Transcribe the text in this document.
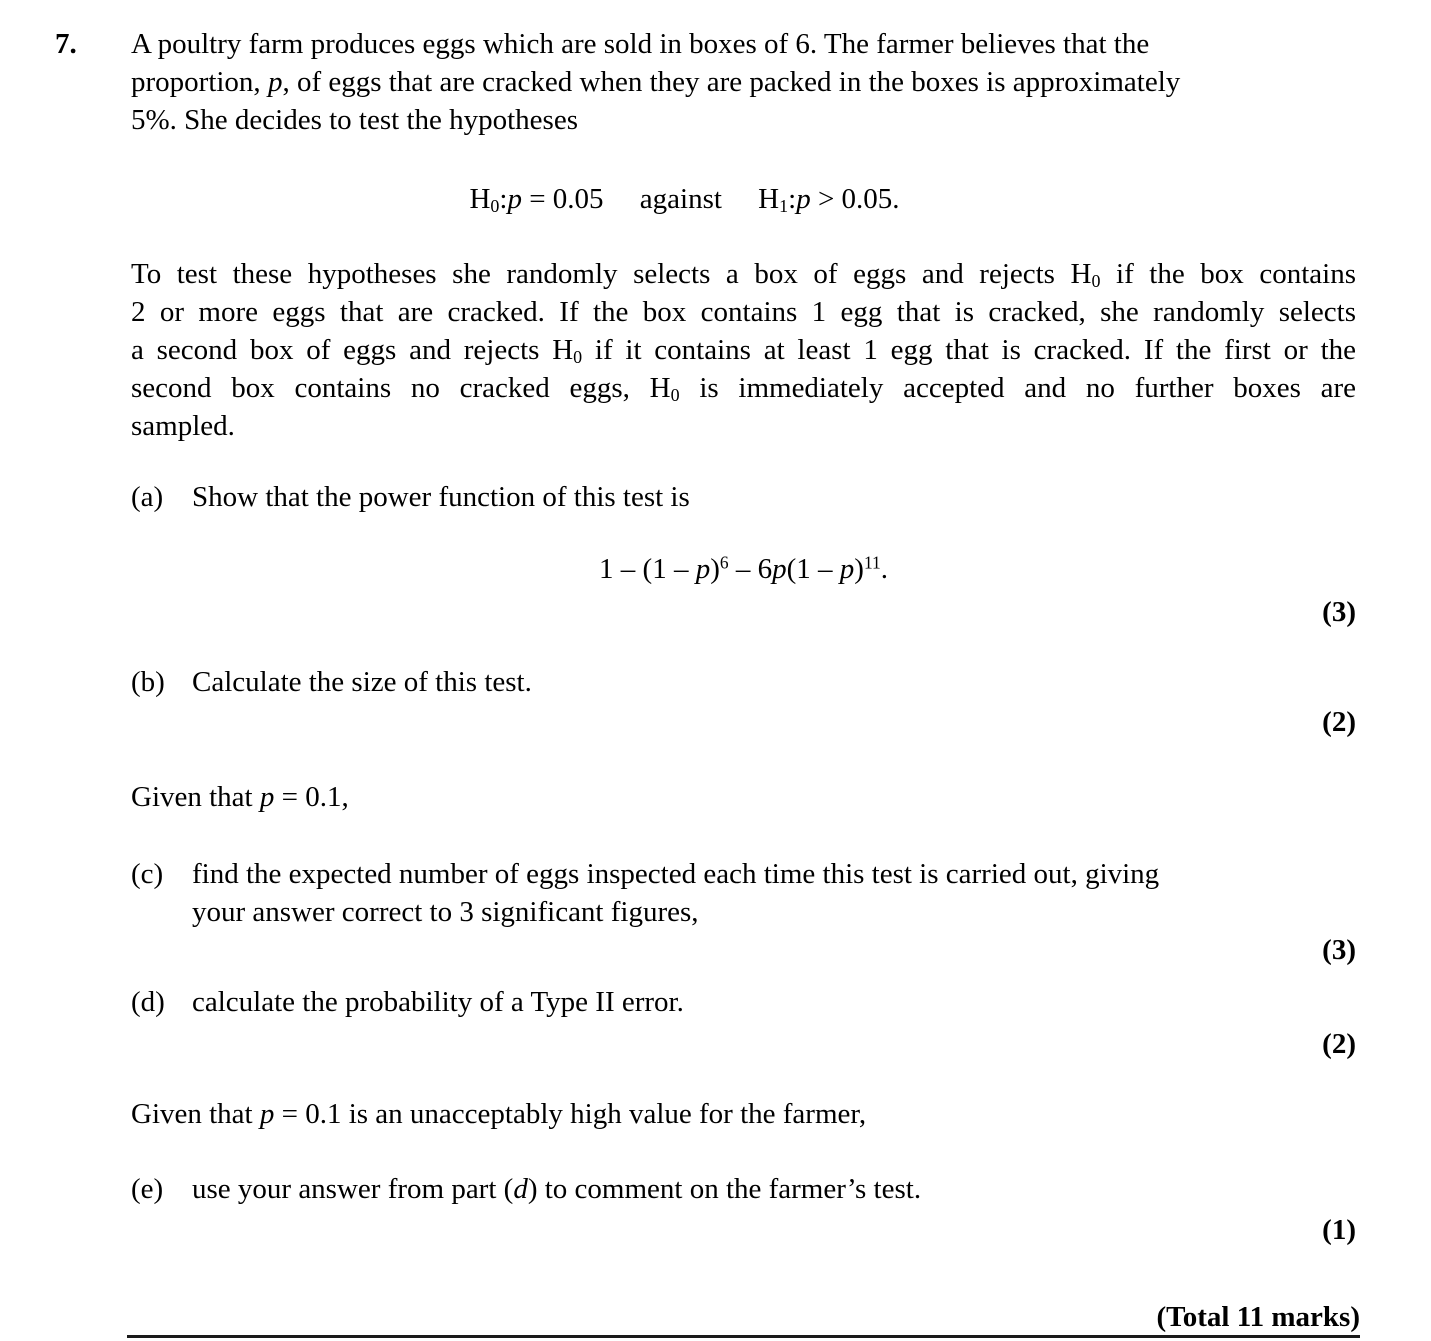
7. A poultry farm produces eggs which are sold in boxes of 6. The farmer believes that the
proportion, p, of eggs that are cracked when they are packed in the boxes is approximately
5%. She decides to test the hypotheses
$H_0:p = 0.05$     against     $H_1:p > 0.05$.
To test these hypotheses she randomly selects a box of eggs and rejects $H_0$ if the box contains
2 or more eggs that are cracked. If the box contains 1 egg that is cracked, she randomly selects
a second box of eggs and rejects $H_0$ if it contains at least 1 egg that is cracked. If the first or the
second box contains no cracked eggs, $H_0$ is immediately accepted and no further boxes are
sampled.
(a) Show that the power function of this test is
1 – (1 – p)$^6$ – 6p(1 – p)$^{11}$.
(3)
(b) Calculate the size of this test.
(2)
Given that p = 0.1,
(c) find the expected number of eggs inspected each time this test is carried out, giving
your answer correct to 3 significant figures,
(3)
(d) calculate the probability of a Type II error.
(2)
Given that p = 0.1 is an unacceptably high value for the farmer,
(e) use your answer from part (d) to comment on the farmer’s test.
(1)
(Total 11 marks)
